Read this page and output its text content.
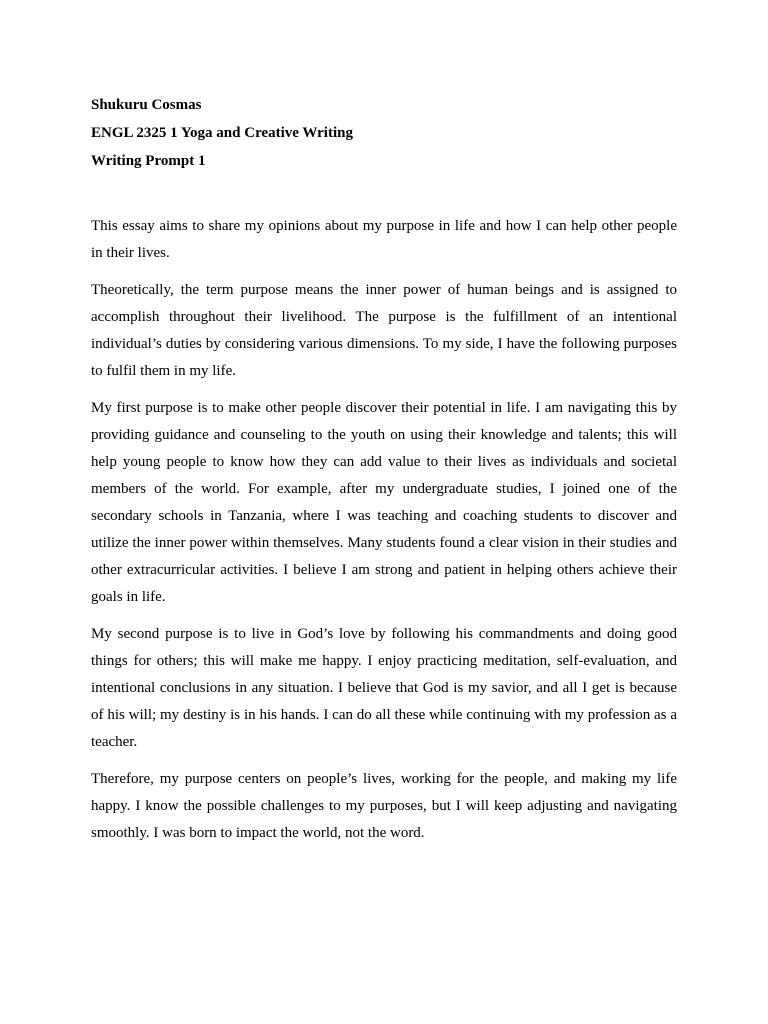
Shukuru Cosmas

ENGL 2325 1 Yoga and Creative Writing

Writing Prompt 1

This essay aims to share my opinions about my purpose in life and how I can help other people in their lives.

Theoretically, the term purpose means the inner power of human beings and is assigned to accomplish throughout their livelihood. The purpose is the fulfillment of an intentional individual’s duties by considering various dimensions. To my side, I have the following purposes to fulfil them in my life.

My first purpose is to make other people discover their potential in life. I am navigating this by providing guidance and counseling to the youth on using their knowledge and talents; this will help young people to know how they can add value to their lives as individuals and societal members of the world. For example, after my undergraduate studies, I joined one of the secondary schools in Tanzania, where I was teaching and coaching students to discover and utilize the inner power within themselves. Many students found a clear vision in their studies and other extracurricular activities. I believe I am strong and patient in helping others achieve their goals in life.

My second purpose is to live in God’s love by following his commandments and doing good things for others; this will make me happy. I enjoy practicing meditation, self-evaluation, and intentional conclusions in any situation. I believe that God is my savior, and all I get is because of his will; my destiny is in his hands. I can do all these while continuing with my profession as a teacher.

Therefore, my purpose centers on people’s lives, working for the people, and making my life happy. I know the possible challenges to my purposes, but I will keep adjusting and navigating smoothly. I was born to impact the world, not the word.
